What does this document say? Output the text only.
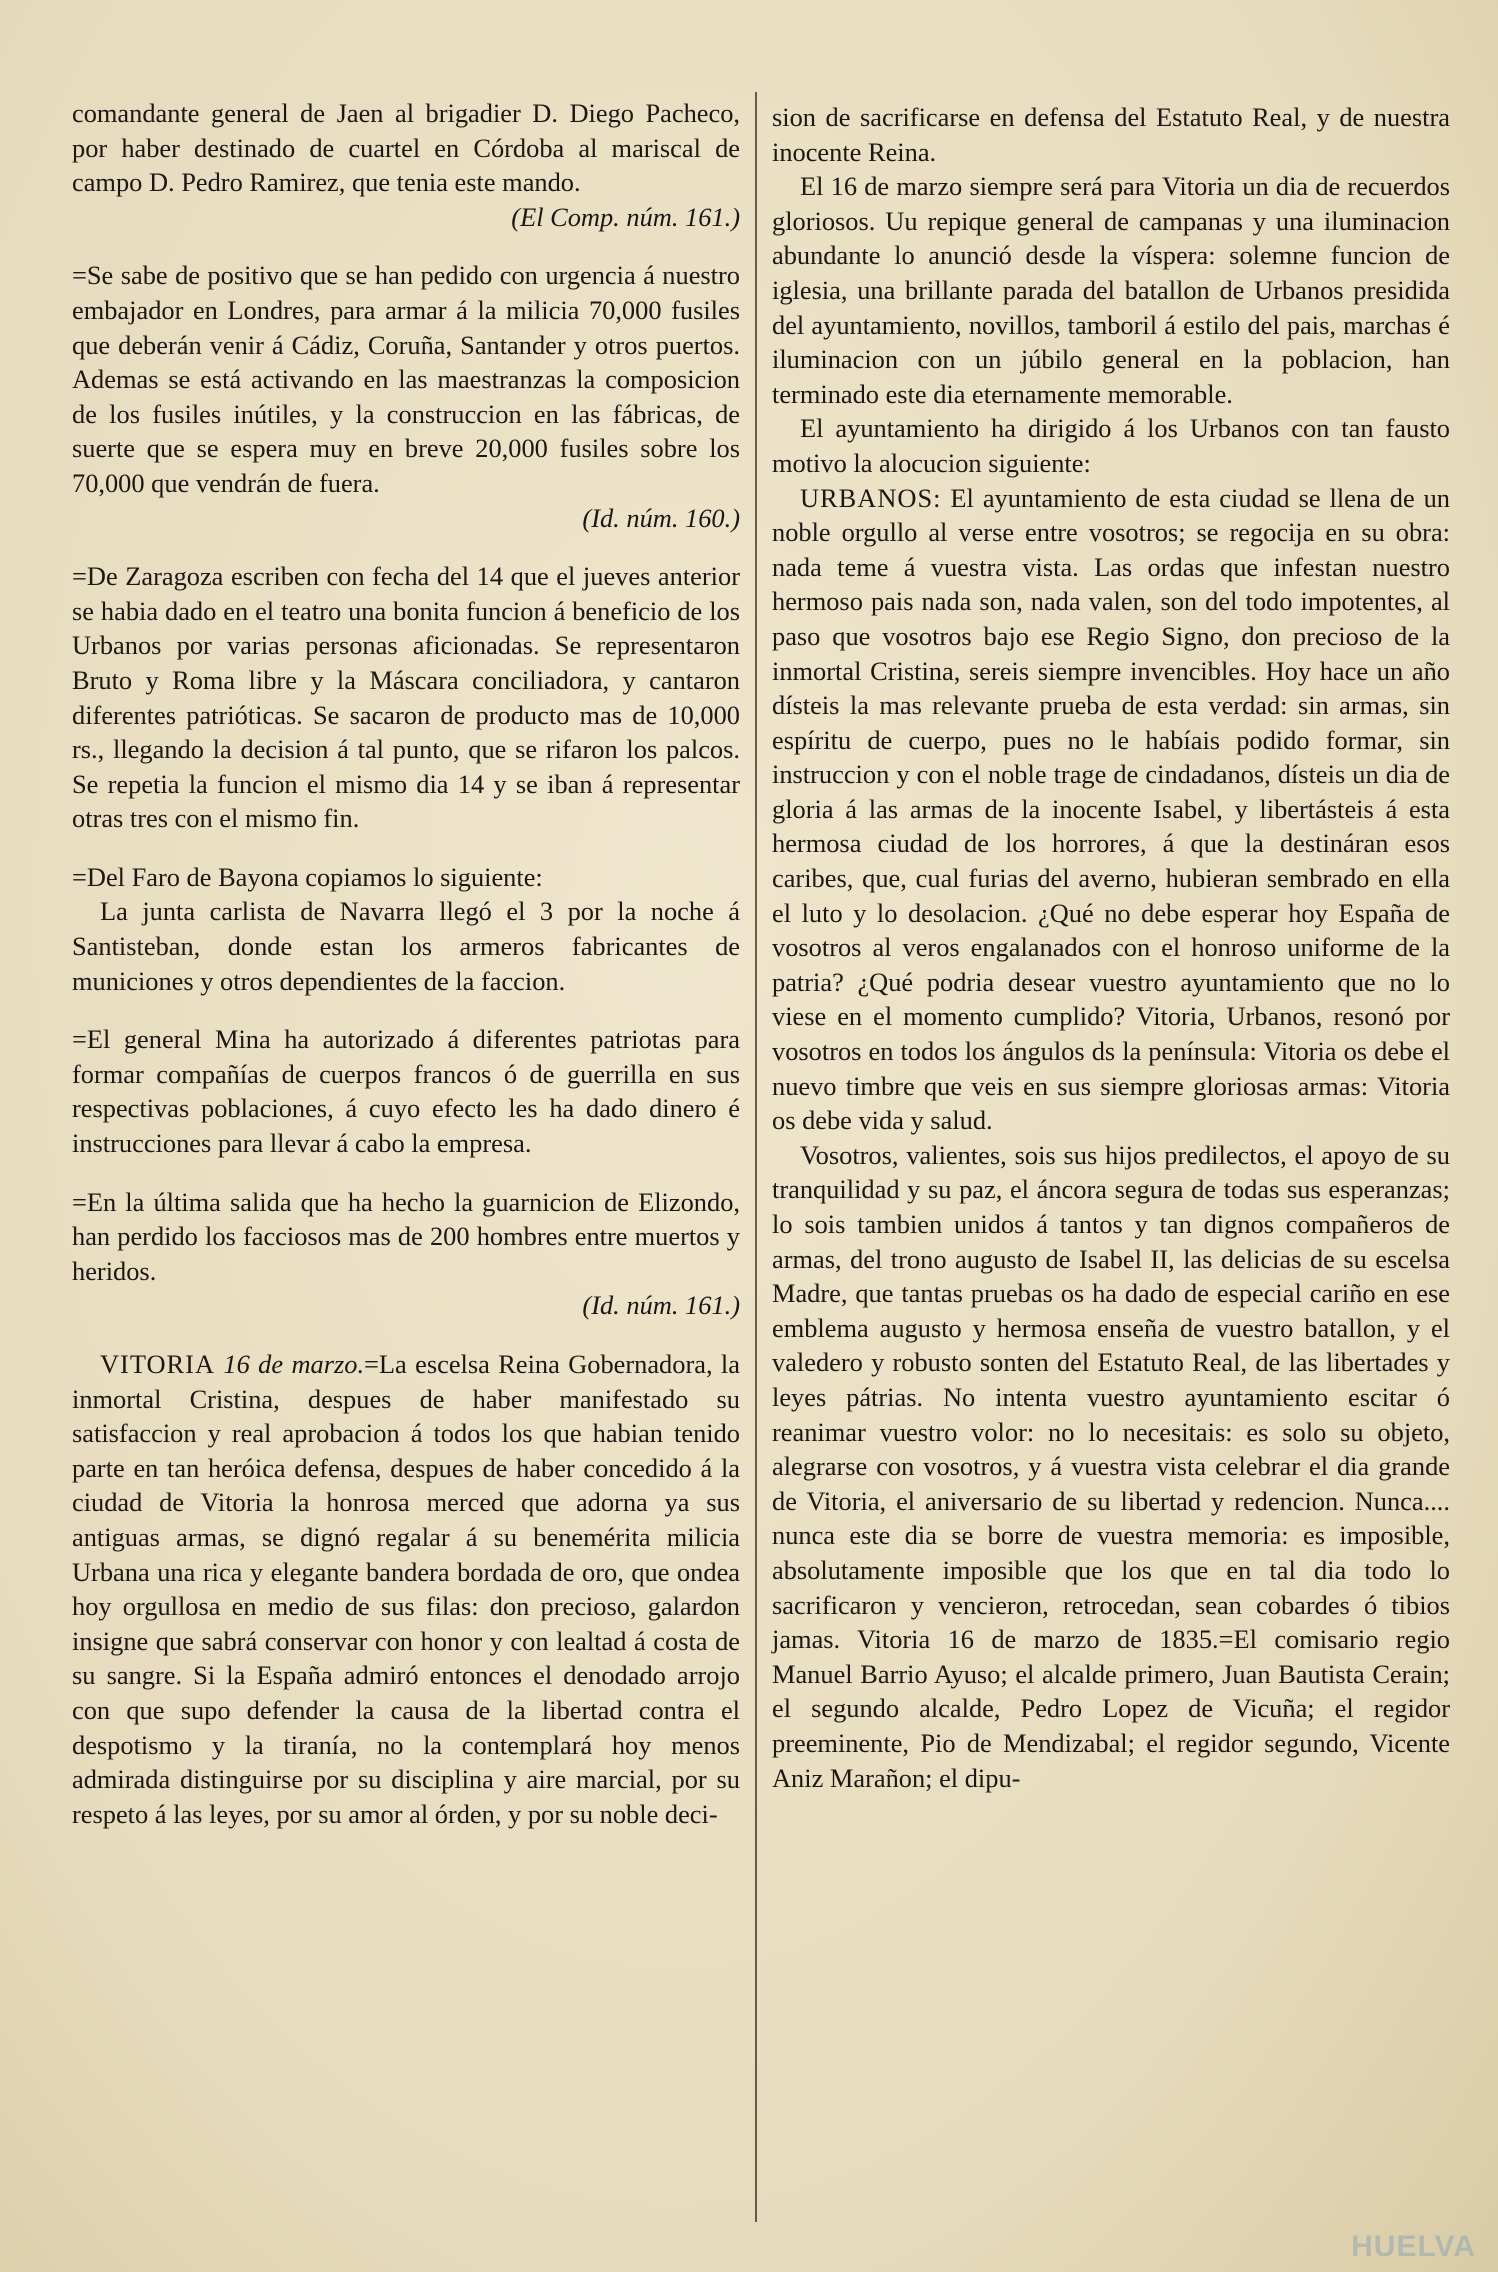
comandante general de Jaen al brigadier D. Diego Pacheco, por haber destinado de cuartel en Córdoba al mariscal de campo D. Pedro Ramirez, que tenia este mando.
(El Comp. núm. 161.)

=Se sabe de positivo que se han pedido con urgencia á nuestro embajador en Londres, para armar á la milicia 70,000 fusiles que deberán venir á Cádiz, Coruña, Santander y otros puertos. Ademas se está activando en las maestranzas la composicion de los fusiles inútiles, y la construccion en las fábricas, de suerte que se espera muy en breve 20,000 fusiles sobre los 70,000 que vendrán de fuera.
(Id. núm. 160.)

=De Zaragoza escriben con fecha del 14 que el jueves anterior se habia dado en el teatro una bonita funcion á beneficio de los Urbanos por varias personas aficionadas. Se representaron Bruto y Roma libre y la Máscara conciliadora, y cantaron diferentes patrióticas. Se sacaron de producto mas de 10,000 rs., llegando la decision á tal punto, que se rifaron los palcos. Se repetia la funcion el mismo dia 14 y se iban á representar otras tres con el mismo fin.

=Del Faro de Bayona copiamos lo siguiente:

La junta carlista de Navarra llegó el 3 por la noche á Santisteban, donde estan los armeros fabricantes de municiones y otros dependientes de la faccion.

=El general Mina ha autorizado á diferentes patriotas para formar compañías de cuerpos francos ó de guerrilla en sus respectivas poblaciones, á cuyo efecto les ha dado dinero é instrucciones para llevar á cabo la empresa.

=En la última salida que ha hecho la guarnicion de Elizondo, han perdido los facciosos mas de 200 hombres entre muertos y heridos.
(Id. núm. 161.)

VITORIA 16 de marzo.=La escelsa Reina Gobernadora, la inmortal Cristina, despues de haber manifestado su satisfaccion y real aprobacion á todos los que habian tenido parte en tan heróica defensa, despues de haber concedido á la ciudad de Vitoria la honrosa merced que adorna ya sus antiguas armas, se dignó regalar á su benemérita milicia Urbana una rica y elegante bandera bordada de oro, que ondea hoy orgullosa en medio de sus filas: don precioso, galardon insigne que sabrá conservar con honor y con lealtad á costa de su sangre. Si la España admiró entonces el denodado arrojo con que supo defender la causa de la libertad contra el despotismo y la tiranía, no la contemplará hoy menos admirada distinguirse por su disciplina y aire marcial, por su respeto á las leyes, por su amor al órden, y por su noble deci-

sion de sacrificarse en defensa del Estatuto Real, y de nuestra inocente Reina.

El 16 de marzo siempre será para Vitoria un dia de recuerdos gloriosos. Uu repique general de campanas y una iluminacion abundante lo anunció desde la víspera: solemne funcion de iglesia, una brillante parada del batallon de Urbanos presidida del ayuntamiento, novillos, tamboril á estilo del pais, marchas é iluminacion con un júbilo general en la poblacion, han terminado este dia eternamente memorable.

El ayuntamiento ha dirigido á los Urbanos con tan fausto motivo la alocucion siguiente:

URBANOS: El ayuntamiento de esta ciudad se llena de un noble orgullo al verse entre vosotros; se regocija en su obra: nada teme á vuestra vista. Las ordas que infestan nuestro hermoso pais nada son, nada valen, son del todo impotentes, al paso que vosotros bajo ese Regio Signo, don precioso de la inmortal Cristina, sereis siempre invencibles. Hoy hace un año dísteis la mas relevante prueba de esta verdad: sin armas, sin espíritu de cuerpo, pues no le habíais podido formar, sin instruccion y con el noble trage de cindadanos, dísteis un dia de gloria á las armas de la inocente Isabel, y libertásteis á esta hermosa ciudad de los horrores, á que la destináran esos caribes, que, cual furias del averno, hubieran sembrado en ella el luto y lo desolacion. ¿Qué no debe esperar hoy España de vosotros al veros engalanados con el honroso uniforme de la patria? ¿Qué podria desear vuestro ayuntamiento que no lo viese en el momento cumplido? Vitoria, Urbanos, resonó por vosotros en todos los ángulos ds la península: Vitoria os debe el nuevo timbre que veis en sus siempre gloriosas armas: Vitoria os debe vida y salud.

Vosotros, valientes, sois sus hijos predilectos, el apoyo de su tranquilidad y su paz, el áncora segura de todas sus esperanzas; lo sois tambien unidos á tantos y tan dignos compañeros de armas, del trono augusto de Isabel II, las delicias de su escelsa Madre, que tantas pruebas os ha dado de especial cariño en ese emblema augusto y hermosa enseña de vuestro batallon, y el valedero y robusto sonten del Estatuto Real, de las libertades y leyes pátrias. No intenta vuestro ayuntamiento escitar ó reanimar vuestro volor: no lo necesitais: es solo su objeto, alegrarse con vosotros, y á vuestra vista celebrar el dia grande de Vitoria, el aniversario de su libertad y redencion. Nunca.... nunca este dia se borre de vuestra memoria: es imposible, absolutamente imposible que los que en tal dia todo lo sacrificaron y vencieron, retrocedan, sean cobardes ó tibios jamas. Vitoria 16 de marzo de 1835.=El comisario regio Manuel Barrio Ayuso; el alcalde primero, Juan Bautista Cerain; el segundo alcalde, Pedro Lopez de Vicuña; el regidor preeminente, Pio de Mendizabal; el regidor segundo, Vicente Aniz Marañon; el dipu-

HUELVA
